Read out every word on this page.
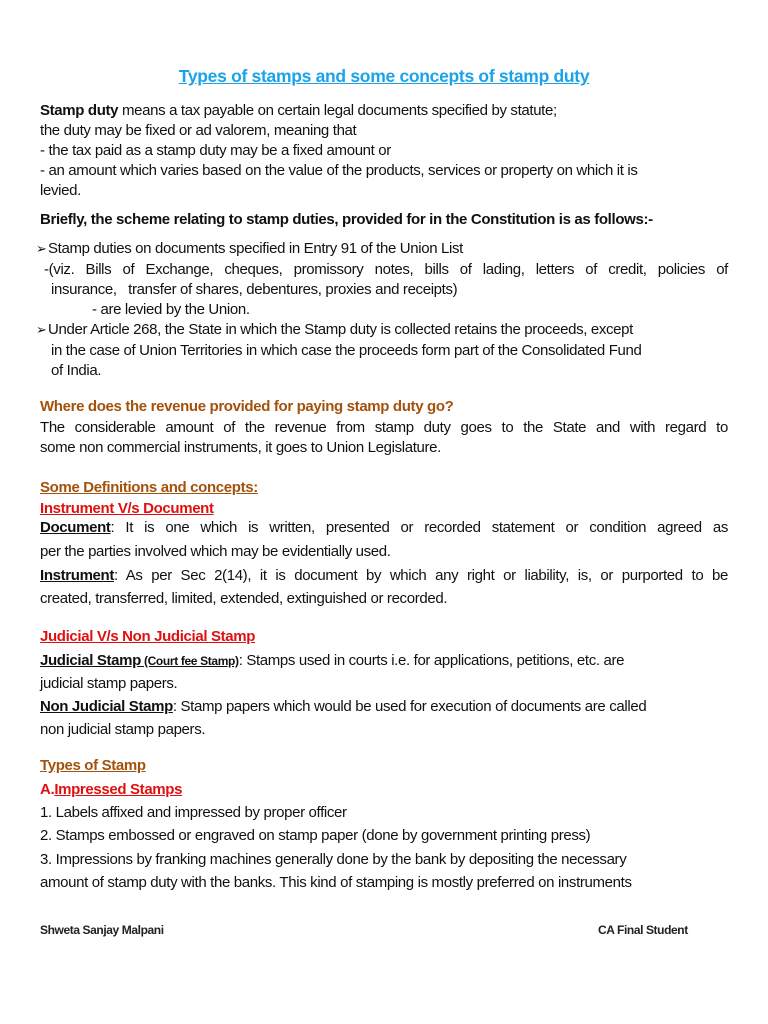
Types of stamps and some concepts of stamp duty
Stamp duty means a tax payable on certain legal documents specified by statute;
the duty may be fixed or ad valorem, meaning that
- the tax paid as a stamp duty may be a fixed amount or
- an amount which varies based on the value of the products, services or property on which it is
levied.
Briefly, the scheme relating to stamp duties, provided for in the Constitution is as follows:-
➢Stamp duties on documents specified in Entry 91 of the Union List
-(viz. Bills of Exchange, cheques, promissory notes, bills of lading, letters of credit, policies of
insurance,   transfer of shares, debentures, proxies and receipts)
- are levied by the Union.
➢Under Article 268, the State in which the Stamp duty is collected retains the proceeds, except
in the case of Union Territories in which case the proceeds form part of the Consolidated Fund
of India.
Where does the revenue provided for paying stamp duty go?
The considerable amount of the revenue from stamp duty goes to the State and with regard to
some non commercial instruments, it goes to Union Legislature.
Some Definitions and concepts:
Instrument V/s Document
Document: It is one which is written, presented or recorded statement or condition agreed as
per the parties involved which may be evidentially used.
Instrument: As per Sec 2(14), it is document by which any right or liability, is, or purported to be
created, transferred, limited, extended, extinguished or recorded.
Judicial V/s Non Judicial Stamp
Judicial Stamp (Court fee Stamp): Stamps used in courts i.e. for applications, petitions, etc. are
judicial stamp papers.
Non Judicial Stamp: Stamp papers which would be used for execution of documents are called
non judicial stamp papers.
Types of Stamp
A.Impressed Stamps
1. Labels affixed and impressed by proper officer
2. Stamps embossed or engraved on stamp paper (done by government printing press)
3. Impressions by franking machines generally done by the bank by depositing the necessary
amount of stamp duty with the banks. This kind of stamping is mostly preferred on instruments
Shweta Sanjay Malpani	CA Final Student
